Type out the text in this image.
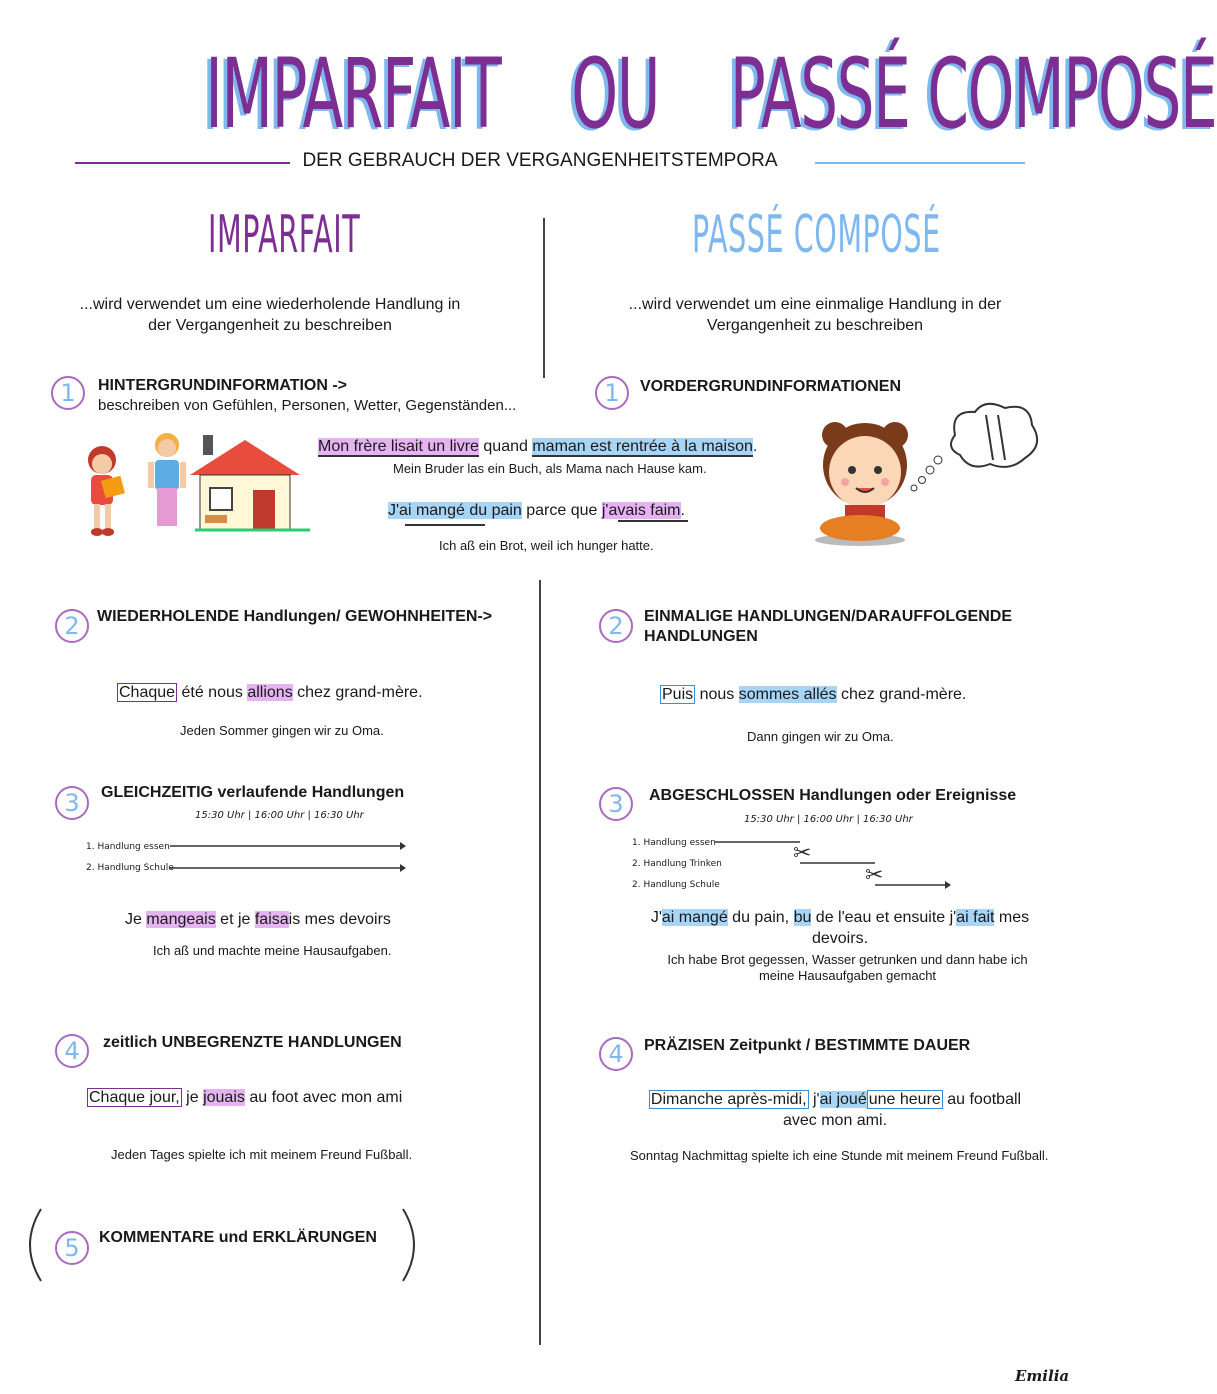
IMPARFAIT OU PASSÉ COMPOSÉ
DER GEBRAUCH DER VERGANGENHEITSTEMPORA
IMPARFAIT	PASSÉ COMPOSÉ
...wird verwendet um eine wiederholende Handlung in
der Vergangenheit zu beschreiben
...wird verwendet um eine einmalige Handlung in der
Vergangenheit zu beschreiben
1	HINTERGRUNDINFORMATION ->
beschreiben von Gefühlen, Personen, Wetter, Gegenständen...	1	VORDERGRUNDINFORMATIONEN
Mon frère lisait un livre quand maman est rentrée à la maison.
Mein Bruder las ein Buch, als Mama nach Hause kam.
J'ai mangé du pain parce que j'avais faim.
Ich aß ein Brot, weil ich hunger hatte.
2	WIEDERHOLENDE Handlungen/ GEWOHNHEITEN->
Chaque été nous allions chez grand-mère.
Jeden Sommer gingen wir zu Oma.
2	EINMALIGE HANDLUNGEN/DARAUFFOLGENDE
HANDLUNGEN
Puis nous sommes allés chez grand-mère.
Dann gingen wir zu Oma.
3	GLEICHZEITIG verlaufende Handlungen
15:30 Uhr | 16:00 Uhr | 16:30 Uhr
1. Handlung essen
2. Handlung Schule
Je mangeais et je faisais mes devoirs
Ich aß und machte meine Hausaufgaben.
3	ABGESCHLOSSEN Handlungen oder Ereignisse
15:30 Uhr | 16:00 Uhr | 16:30 Uhr
1. Handlung essen
2. Handlung Trinken
2. Handlung Schule
✂
✂
J'ai mangé du pain, bu de l'eau et ensuite j'ai fait mes
devoirs.
Ich habe Brot gegessen, Wasser getrunken und dann habe ich
meine Hausaufgaben gemacht
4	zeitlich UNBEGRENZTE HANDLUNGEN
Chaque jour, je jouais au foot avec mon ami
Jeden Tages spielte ich mit meinem Freund Fußball.
4	PRÄZISEN Zeitpunkt / BESTIMMTE DAUER
Dimanche après-midi, j'ai joué une heure au football
avec mon ami.
Sonntag Nachmittag spielte ich eine Stunde mit meinem Freund Fußball.
5	KOMMENTARE und ERKLÄRUNGEN
Emilia
